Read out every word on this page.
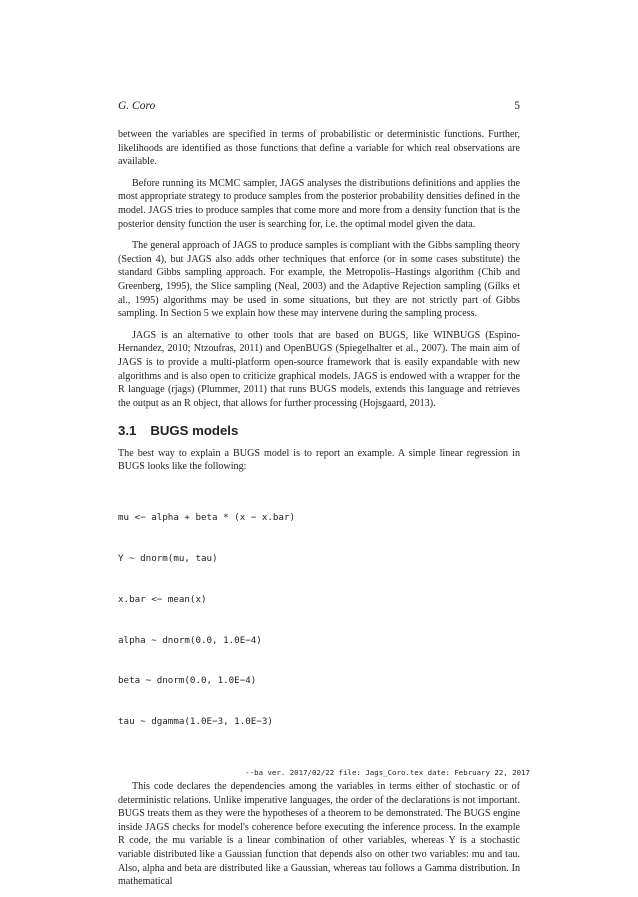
G. Coro	5

between the variables are specified in terms of probabilistic or deterministic functions. Further, likelihoods are identified as those functions that define a variable for which real observations are available.

Before running its MCMC sampler, JAGS analyses the distributions definitions and applies the most appropriate strategy to produce samples from the posterior probability densities defined in the model. JAGS tries to produce samples that come more and more from a density function that is the posterior density function the user is searching for, i.e. the optimal model given the data.

The general approach of JAGS to produce samples is compliant with the Gibbs sampling theory (Section 4), but JAGS also adds other techniques that enforce (or in some cases substitute) the standard Gibbs sampling approach. For example, the Metropolis–Hastings algorithm (Chib and Greenberg, 1995), the Slice sampling (Neal, 2003) and the Adaptive Rejection sampling (Gilks et al., 1995) algorithms may be used in some situations, but they are not strictly part of Gibbs sampling. In Section 5 we explain how these may intervene during the sampling process.

JAGS is an alternative to other tools that are based on BUGS, like WINBUGS (Espino-Hernandez, 2010; Ntzoufras, 2011) and OpenBUGS (Spiegelhalter et al., 2007). The main aim of JAGS is to provide a multi-platform open-source framework that is easily expandable with new algorithms and is also open to criticize graphical models. JAGS is endowed with a wrapper for the R language (rjags) (Plummer, 2011) that runs BUGS models, extends this language and retrieves the output as an R object, that allows for further processing (Hojsgaard, 2013).

3.1 BUGS models

The best way to explain a BUGS model is to report an example. A simple linear regression in BUGS looks like the following:

mu <− alpha + beta * (x − x.bar)

Y ~ dnorm(mu, tau)

x.bar <− mean(x)

alpha ~ dnorm(0.0, 1.0E−4)

beta ~ dnorm(0.0, 1.0E−4)

tau ~ dgamma(1.0E−3, 1.0E−3)

This code declares the dependencies among the variables in terms either of stochastic or of deterministic relations. Unlike imperative languages, the order of the declarations is not important. BUGS treats them as they were the hypotheses of a theorem to be demonstrated. The BUGS engine inside JAGS checks for model's coherence before executing the inference process. In the example R code, the mu variable is a linear combination of other variables, whereas Y is a stochastic variable distributed like a Gaussian function that depends also on other two variables: mu and tau. Also, alpha and beta are distributed like a Gaussian, whereas tau follows a Gamma distribution. In mathematical

--ba ver. 2017/02/22 file: Jags_Coro.tex date: February 22, 2017
